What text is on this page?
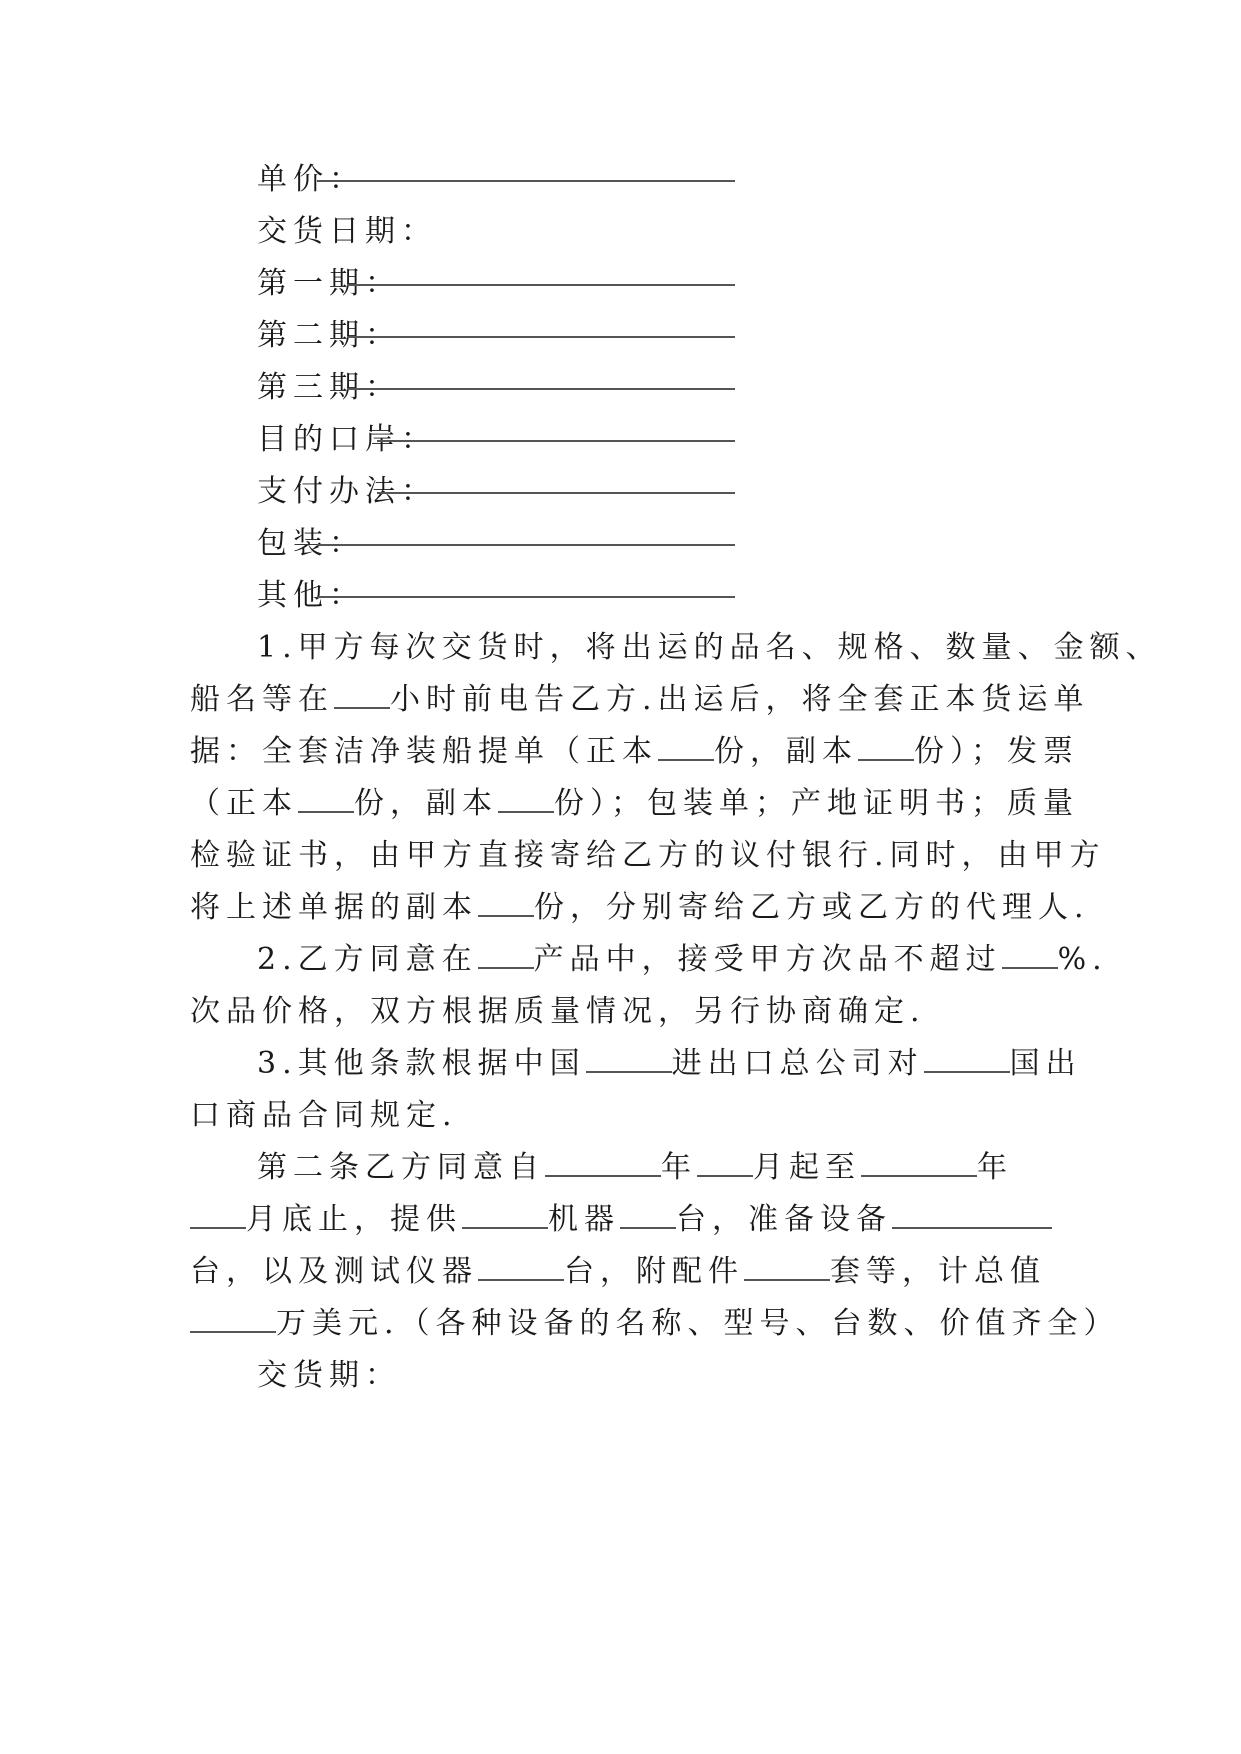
单价：
交货日期：
第一期：
第二期：
第三期：
目的口岸：
支付办法：
包装：
其他：
1.甲方每次交货时，将出运的品名、规格、数量、金额、
船名等在 小时前电告乙方.出运后，将全套正本货运单
据：全套洁净装船提单（正本 份，副本 份）；发票
（正本 份，副本 份）；包装单；产地证明书；质量
检验证书，由甲方直接寄给乙方的议付银行.同时，由甲方
将上述单据的副本 份，分别寄给乙方或乙方的代理人.
2.乙方同意在 产品中，接受甲方次品不超过 %.
次品价格，双方根据质量情况，另行协商确定.
3.其他条款根据中国	进出口总公司对	国出
口商品合同规定.
第二条乙方同意自	年 月起至	年
月底止，提供	机器 台，准备设备
台，以及测试仪器	台，附配件	套等，计总值
万美元.（各种设备的名称、型号、台数、价值齐全）
交货期：
